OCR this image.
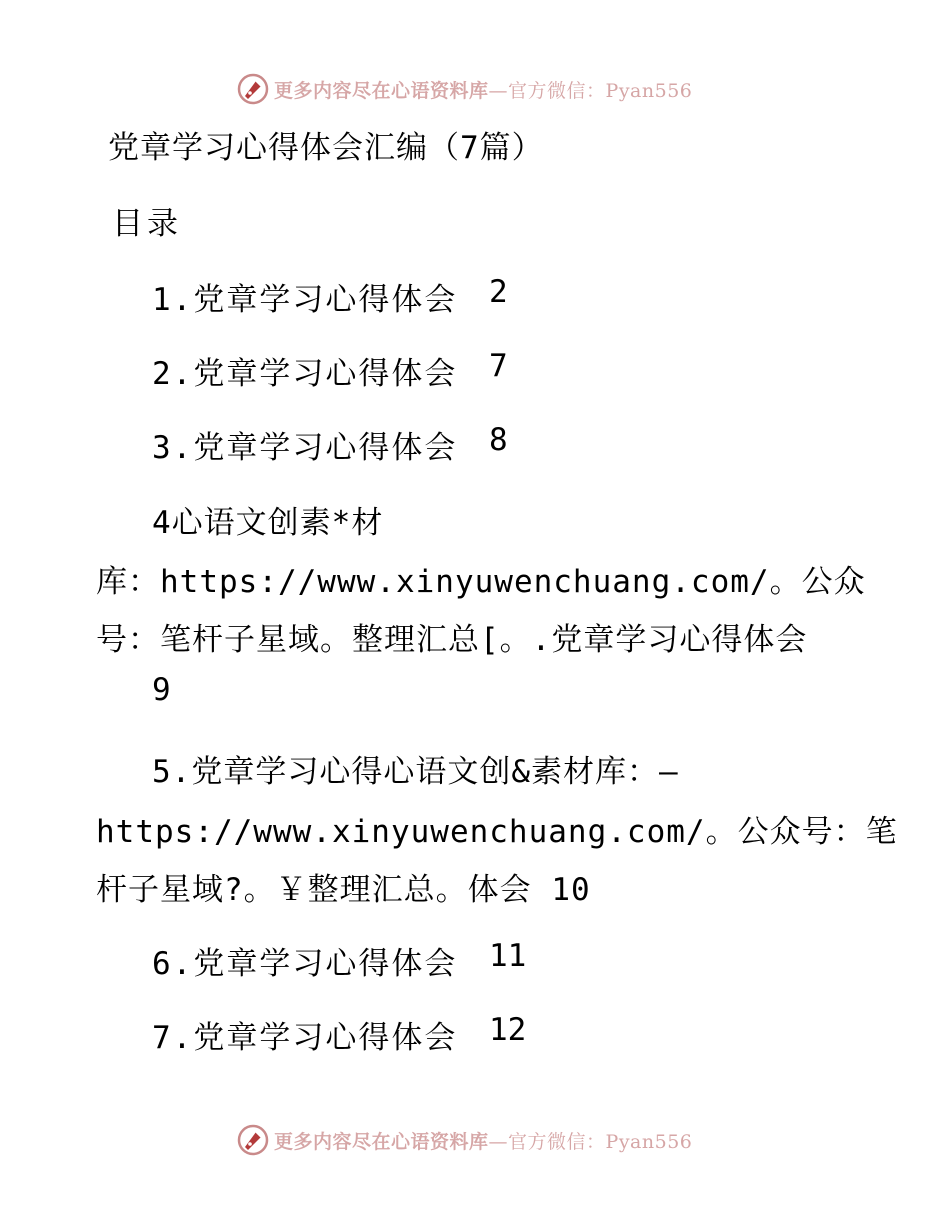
更多内容尽在心语资料库—官方微信：Pyan556
党章学习心得体会汇编（7篇）
目录
1.党章学习心得体会 2
2.党章学习心得体会 7
3.党章学习心得体会 8
4心语文创素*材
库：https://www.xinyuwenchuang.com/。公众
号：笔杆子星域。整理汇总[。.党章学习心得体会
9
5.党章学习心得心语文创&素材库：—
https://www.xinyuwenchuang.com/。公众号：笔
杆子星域?。￥整理汇总。体会 10
6.党章学习心得体会 11
7.党章学习心得体会 12
更多内容尽在心语资料库—官方微信：Pyan556
